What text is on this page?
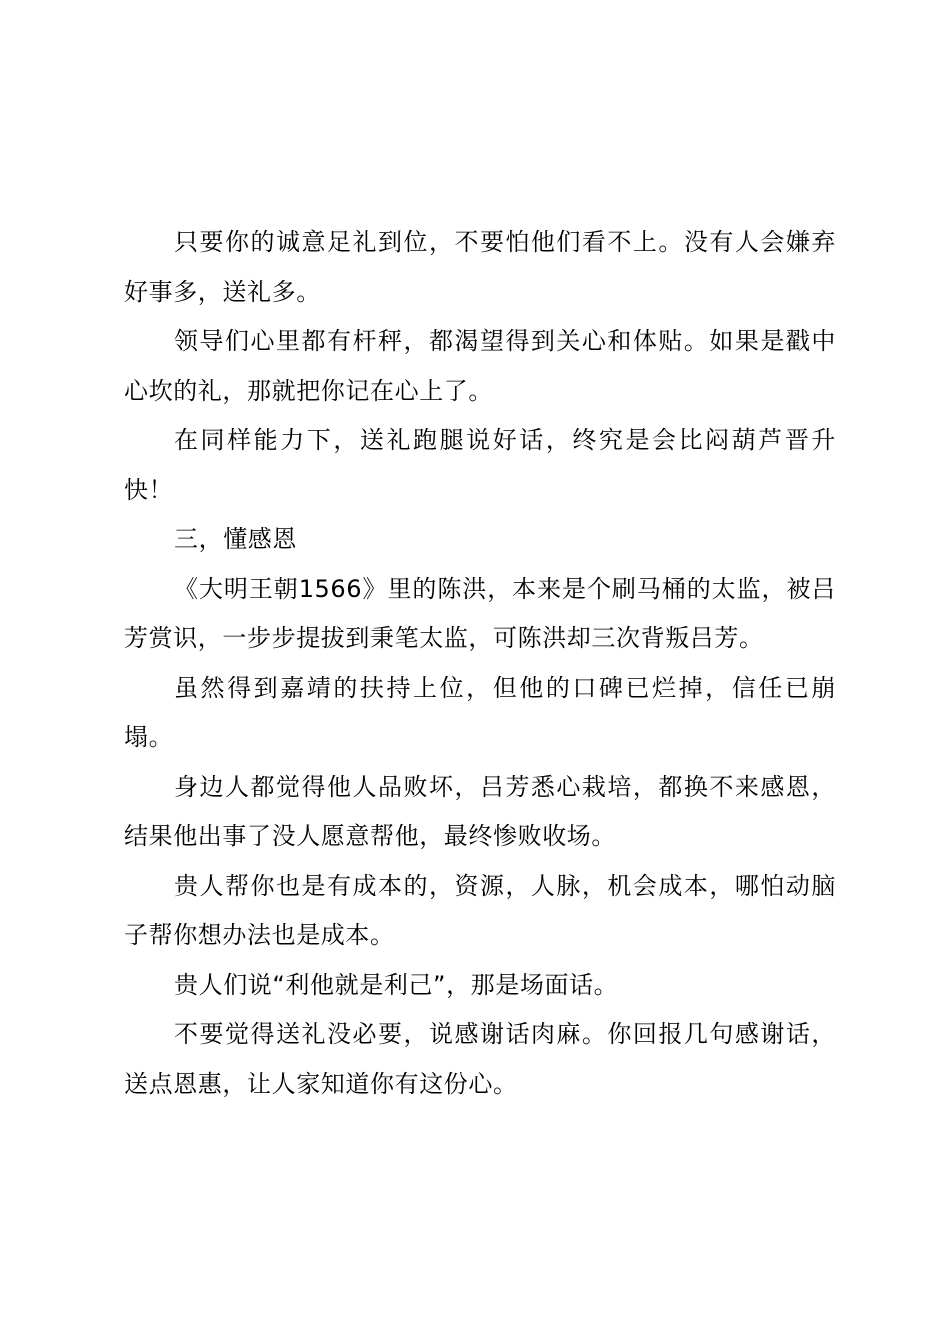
只要你的诚意足礼到位，不要怕他们看不上。没有人会嫌弃好事多，送礼多。

领导们心里都有杆秤，都渴望得到关心和体贴。如果是戳中心坎的礼，那就把你记在心上了。

在同样能力下，送礼跑腿说好话，终究是会比闷葫芦晋升快！

三，懂感恩

《大明王朝1566》里的陈洪，本来是个刷马桶的太监，被吕芳赏识，一步步提拔到秉笔太监，可陈洪却三次背叛吕芳。

虽然得到嘉靖的扶持上位，但他的口碑已烂掉，信任已崩塌。

身边人都觉得他人品败坏，吕芳悉心栽培，都换不来感恩，结果他出事了没人愿意帮他，最终惨败收场。

贵人帮你也是有成本的，资源，人脉，机会成本，哪怕动脑子帮你想办法也是成本。

贵人们说“利他就是利己”，那是场面话。

不要觉得送礼没必要，说感谢话肉麻。你回报几句感谢话，送点恩惠，让人家知道你有这份心。
